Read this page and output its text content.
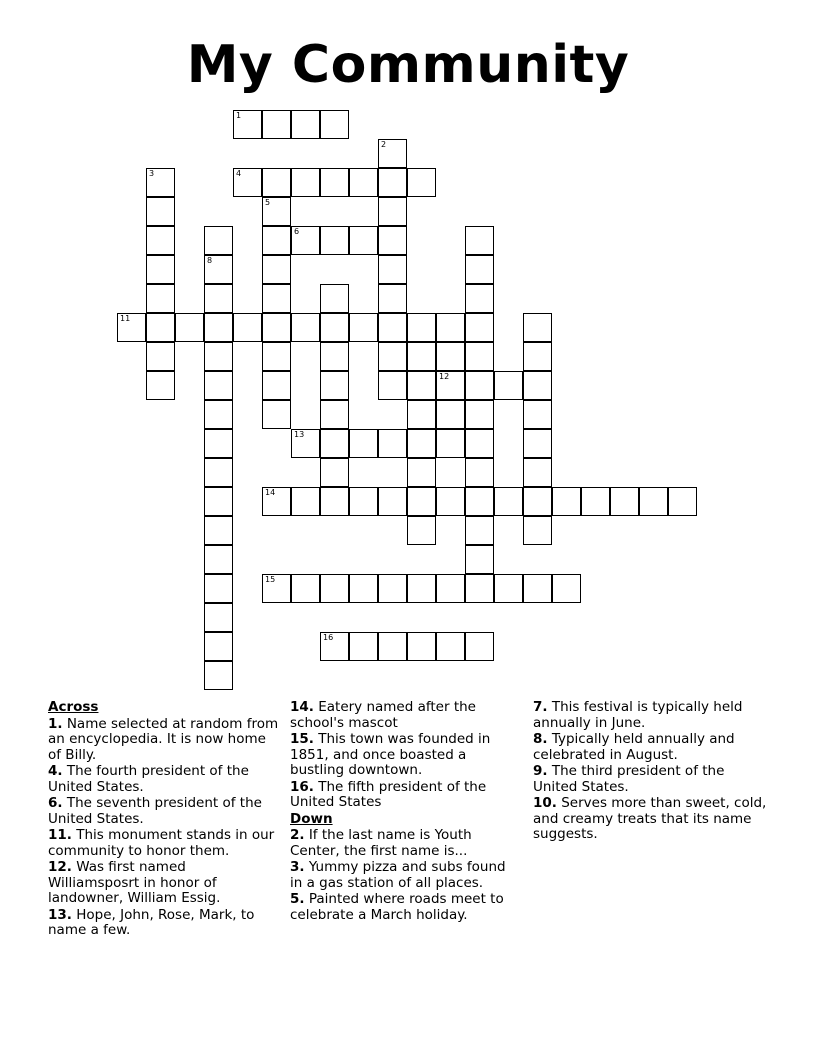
My Community
1
2
3	4
5
6
8
11
12
13
14
15
16
Across
1. Name selected at random from an encyclopedia. It is now home of Billy.
4. The fourth president of the United States.
6. The seventh president of the United States.
11. This monument stands in our community to honor them.
12. Was first named Williamsposrt in honor of landowner, William Essig.
13. Hope, John, Rose, Mark, to name a few.
14. Eatery named after the school's mascot
15. This town was founded in 1851, and once boasted a bustling downtown.
16. The fifth president of the United States
Down
2. If the last name is Youth Center, the first name is...
3. Yummy pizza and subs found in a gas station of all places.
5. Painted where roads meet to celebrate a March holiday.
7. This festival is typically held annually in June.
8. Typically held annually and celebrated in August.
9. The third president of the United States.
10. Serves more than sweet, cold, and creamy treats that its name suggests.
